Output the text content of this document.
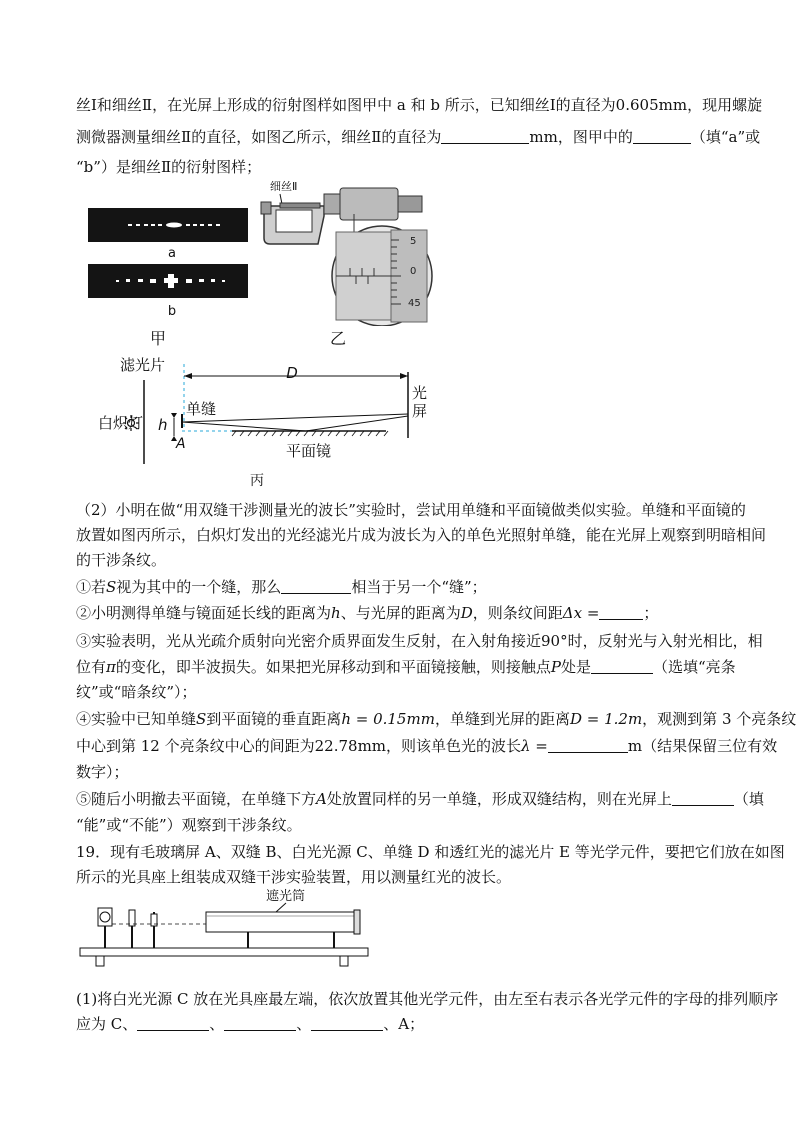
丝Ⅰ和细丝Ⅱ，在光屏上形成的衍射图样如图甲中 a 和 b 所示，已知细丝Ⅰ的直径为0.605mm，现用螺旋
测微器测量细丝Ⅱ的直径，如图乙所示，细丝Ⅱ的直径为	mm，图甲中的	（填“a”或
“b”）是细丝Ⅱ的衍射图样；
a
b
甲
细丝Ⅱ
5
0
45
乙
滤光片
白炽灯
D
光
屏
单缝
h
A	平面镜
丙
（2）小明在做“用双缝干涉测量光的波长”实验时，尝试用单缝和平面镜做类似实验。单缝和平面镜的
放置如图丙所示，白炽灯发出的光经滤光片成为波长为入的单色光照射单缝，能在光屏上观察到明暗相间
的干涉条纹。
①若S视为其中的一个缝，那么	相当于另一个“缝”；
②小明测得单缝与镜面延长线的距离为h、与光屏的距离为D，则条纹间距Δx =	；
③实验表明，光从光疏介质射向光密介质界面发生反射，在入射角接近90°时，反射光与入射光相比，相
位有π的变化，即半波损失。如果把光屏移动到和平面镜接触，则接触点P处是	（选填“亮条
纹”或“暗条纹”）；
④实验中已知单缝S到平面镜的垂直距离h = 0.15mm，单缝到光屏的距离D = 1.2m，观测到第 3 个亮条纹
中心到第 12 个亮条纹中心的间距为22.78mm，则该单色光的波长λ =	m（结果保留三位有效
数字）；
⑤随后小明撤去平面镜，在单缝下方A处放置同样的另一单缝，形成双缝结构，则在光屏上	（填
“能”或“不能”）观察到干涉条纹。
19．现有毛玻璃屏 A、双缝 B、白光光源 C、单缝 D 和透红光的滤光片 E 等光学元件，要把它们放在如图
所示的光具座上组装成双缝干涉实验装置，用以测量红光的波长。
遮光筒
(1)将白光光源 C 放在光具座最左端，依次放置其他光学元件，由左至右表示各光学元件的字母的排列顺序
应为 C、	、	、	、A；
